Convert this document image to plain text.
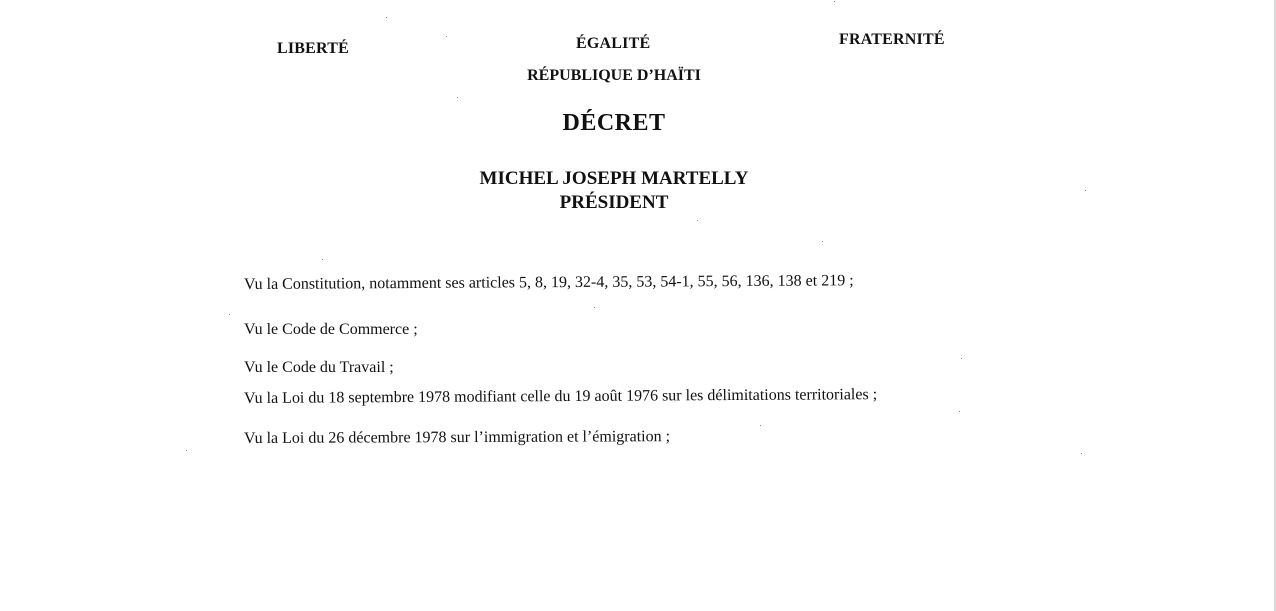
LIBERTÉ	ÉGALITÉ	FRATERNITÉ
RÉPUBLIQUE D’HAÏTI
DÉCRET
MICHEL JOSEPH MARTELLY
PRÉSIDENT
Vu la Constitution, notamment ses articles 5, 8, 19, 32-4, 35, 53, 54-1, 55, 56, 136, 138 et 219 ;
Vu le Code de Commerce ;
Vu le Code du Travail ;
Vu la Loi du 18 septembre 1978 modifiant celle du 19 août 1976 sur les délimitations territoriales ;
Vu la Loi du 26 décembre 1978 sur l’immigration et l’émigration ;
